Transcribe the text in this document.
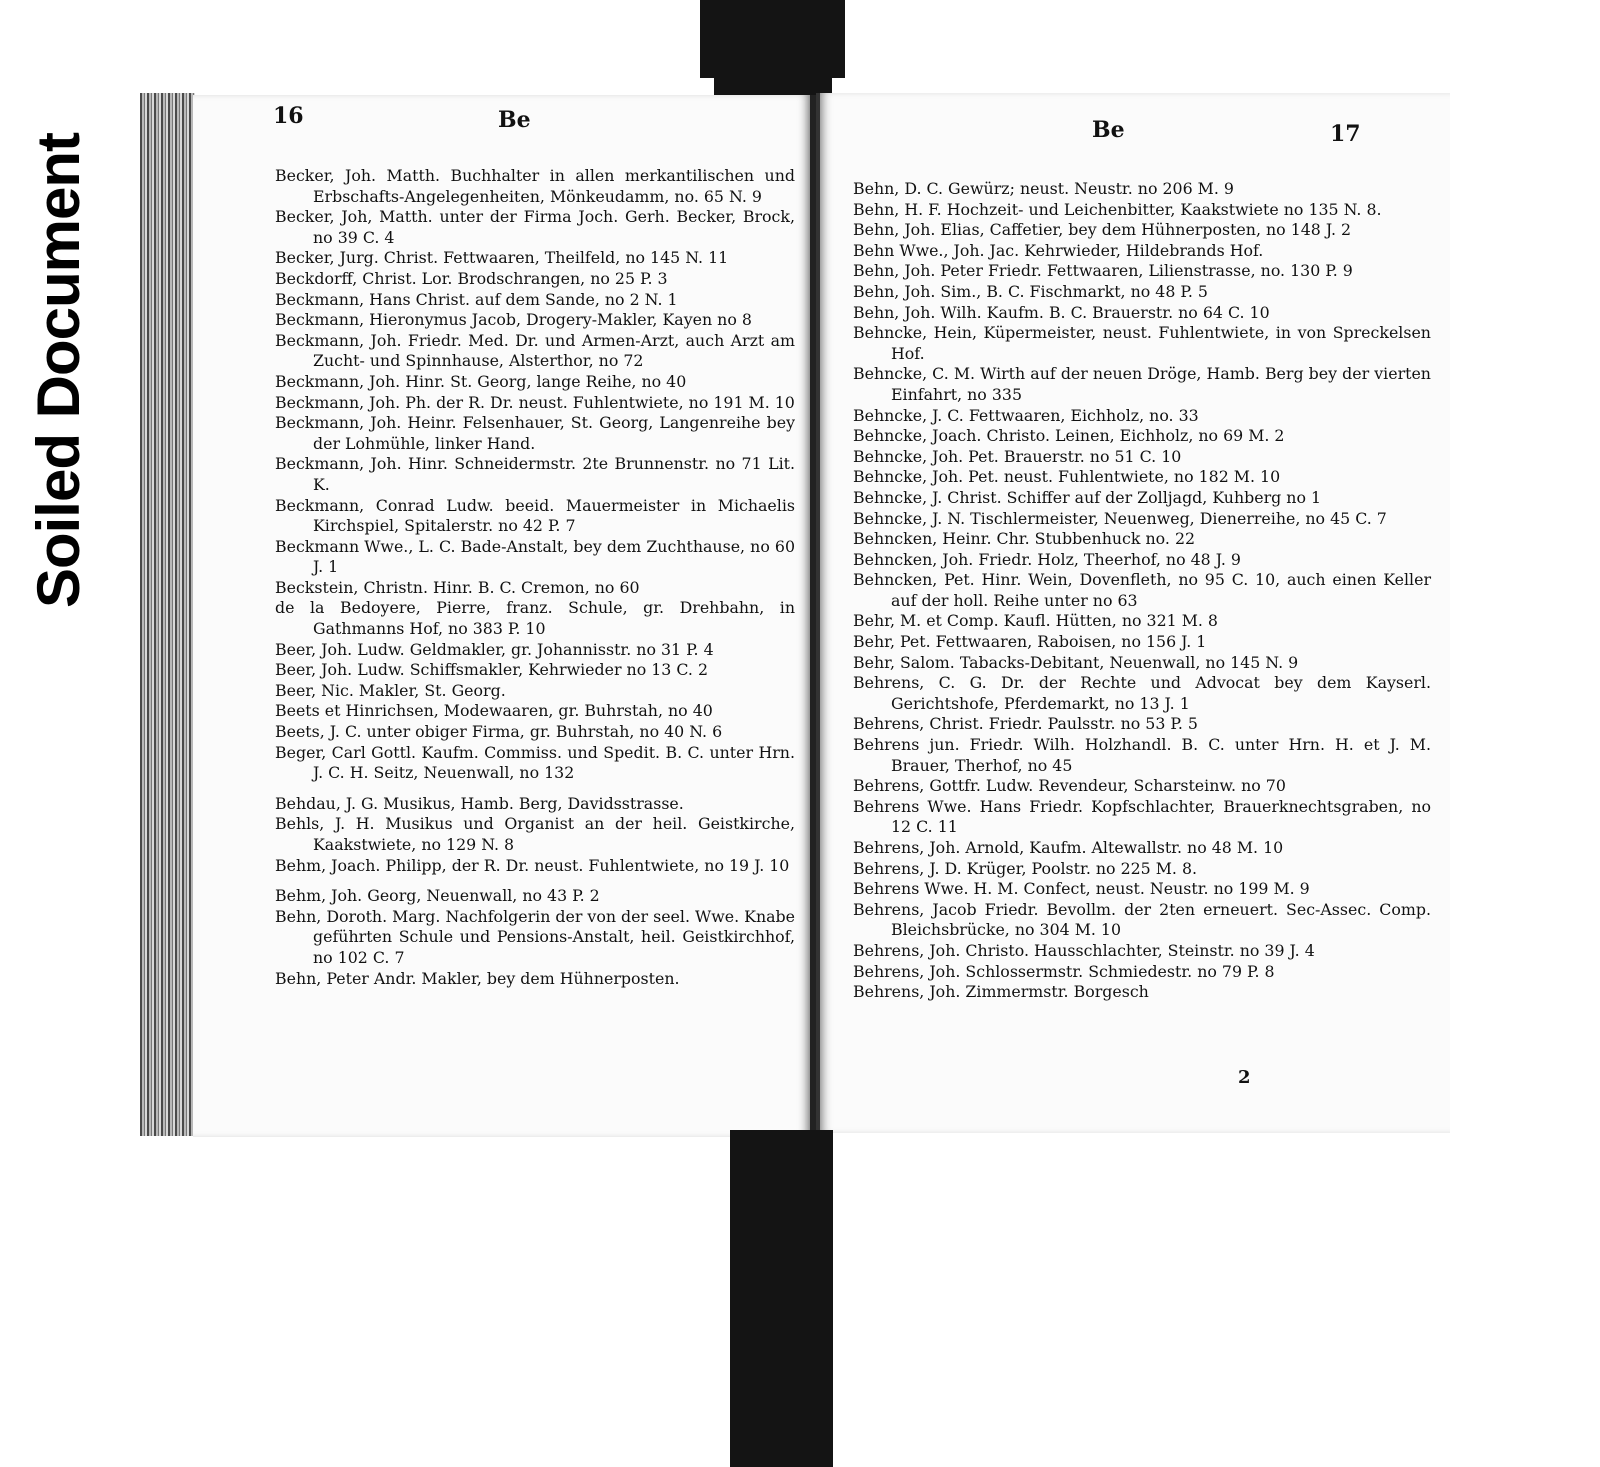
Soiled Document
16	Be
Becker, Joh. Matth. Buchhalter in allen merkantilischen und Erbschafts-Angelegenheiten, Mönkeudamm, no. 65 N. 9
Becker, Joh, Matth. unter der Firma Joch. Gerh. Becker, Brock, no 39 C. 4
Becker, Jurg. Christ. Fettwaaren, Theilfeld, no 145 N. 11
Beckdorff, Christ. Lor. Brodschrangen, no 25 P. 3
Beckmann, Hans Christ. auf dem Sande, no 2 N. 1
Beckmann, Hieronymus Jacob, Drogery-Makler, Kayen no 8
Beckmann, Joh. Friedr. Med. Dr. und Armen-Arzt, auch Arzt am Zucht- und Spinnhause, Alsterthor, no 72
Beckmann, Joh. Hinr. St. Georg, lange Reihe, no 40
Beckmann, Joh. Ph. der R. Dr. neust. Fuhlentwiete, no 191 M. 10
Beckmann, Joh. Heinr. Felsenhauer, St. Georg, Langenreihe bey der Lohmühle, linker Hand.
Beckmann, Joh. Hinr. Schneidermstr. 2te Brunnenstr. no 71 Lit. K.
Beckmann, Conrad Ludw. beeid. Mauermeister in Michaelis Kirchspiel, Spitalerstr. no 42 P. 7
Beckmann Wwe., L. C. Bade-Anstalt, bey dem Zuchthause, no 60 J. 1
Beckstein, Christn. Hinr. B. C. Cremon, no 60
de la Bedoyere, Pierre, franz. Schule, gr. Drehbahn, in Gathmanns Hof, no 383 P. 10
Beer, Joh. Ludw. Geldmakler, gr. Johannisstr. no 31 P. 4
Beer, Joh. Ludw. Schiffsmakler, Kehrwieder no 13 C. 2
Beer, Nic. Makler, St. Georg.
Beets et Hinrichsen, Modewaaren, gr. Buhrstah, no 40
Beets, J. C. unter obiger Firma, gr. Buhrstah, no 40 N. 6
Beger, Carl Gottl. Kaufm. Commiss. und Spedit. B. C. unter Hrn. J. C. H. Seitz, Neuenwall, no 132
Behdau, J. G. Musikus, Hamb. Berg, Davidsstrasse.
Behls, J. H. Musikus und Organist an der heil. Geistkirche, Kaakstwiete, no 129 N. 8
Behm, Joach. Philipp, der R. Dr. neust. Fuhlentwiete, no 19 J. 10
Behm, Joh. Georg, Neuenwall, no 43 P. 2
Behn, Doroth. Marg. Nachfolgerin der von der seel. Wwe. Knabe geführten Schule und Pensions-Anstalt, heil. Geistkirchhof, no 102 C. 7
Behn, Peter Andr. Makler, bey dem Hühnerposten.
Be	17
Behn, D. C. Gewürz; neust. Neustr. no 206 M. 9
Behn, H. F. Hochzeit- und Leichenbitter, Kaakstwiete no 135 N. 8.
Behn, Joh. Elias, Caffetier, bey dem Hühnerposten, no 148 J. 2
Behn Wwe., Joh. Jac. Kehrwieder, Hildebrands Hof.
Behn, Joh. Peter Friedr. Fettwaaren, Lilienstrasse, no. 130 P. 9
Behn, Joh. Sim., B. C. Fischmarkt, no 48 P. 5
Behn, Joh. Wilh. Kaufm. B. C. Brauerstr. no 64 C. 10
Behncke, Hein, Küpermeister, neust. Fuhlentwiete, in von Spreckelsen Hof.
Behncke, C. M. Wirth auf der neuen Dröge, Hamb. Berg bey der vierten Einfahrt, no 335
Behncke, J. C. Fettwaaren, Eichholz, no. 33
Behncke, Joach. Christo. Leinen, Eichholz, no 69 M. 2
Behncke, Joh. Pet. Brauerstr. no 51 C. 10
Behncke, Joh. Pet. neust. Fuhlentwiete, no 182 M. 10
Behncke, J. Christ. Schiffer auf der Zolljagd, Kuhberg no 1
Behncke, J. N. Tischlermeister, Neuenweg, Dienerreihe, no 45 C. 7
Behncken, Heinr. Chr. Stubbenhuck no. 22
Behncken, Joh. Friedr. Holz, Theerhof, no 48 J. 9
Behncken, Pet. Hinr. Wein, Dovenfleth, no 95 C. 10, auch einen Keller auf der holl. Reihe unter no 63
Behr, M. et Comp. Kaufl. Hütten, no 321 M. 8
Behr, Pet. Fettwaaren, Raboisen, no 156 J. 1
Behr, Salom. Tabacks-Debitant, Neuenwall, no 145 N. 9
Behrens, C. G. Dr. der Rechte und Advocat bey dem Kayserl. Gerichtshofe, Pferdemarkt, no 13 J. 1
Behrens, Christ. Friedr. Paulsstr. no 53 P. 5
Behrens jun. Friedr. Wilh. Holzhandl. B. C. unter Hrn. H. et J. M. Brauer, Therhof, no 45
Behrens, Gottfr. Ludw. Revendeur, Scharsteinw. no 70
Behrens Wwe. Hans Friedr. Kopfschlachter, Brauerknechtsgraben, no 12 C. 11
Behrens, Joh. Arnold, Kaufm. Altewallstr. no 48 M. 10
Behrens, J. D. Krüger, Poolstr. no 225 M. 8.
Behrens Wwe. H. M. Confect, neust. Neustr. no 199 M. 9
Behrens, Jacob Friedr. Bevollm. der 2ten erneuert. Sec-Assec. Comp. Bleichsbrücke, no 304 M. 10
Behrens, Joh. Christo. Hausschlachter, Steinstr. no 39 J. 4
Behrens, Joh. Schlossermstr. Schmiedestr. no 79 P. 8
Behrens, Joh. Zimmermstr. Borgesch
2
